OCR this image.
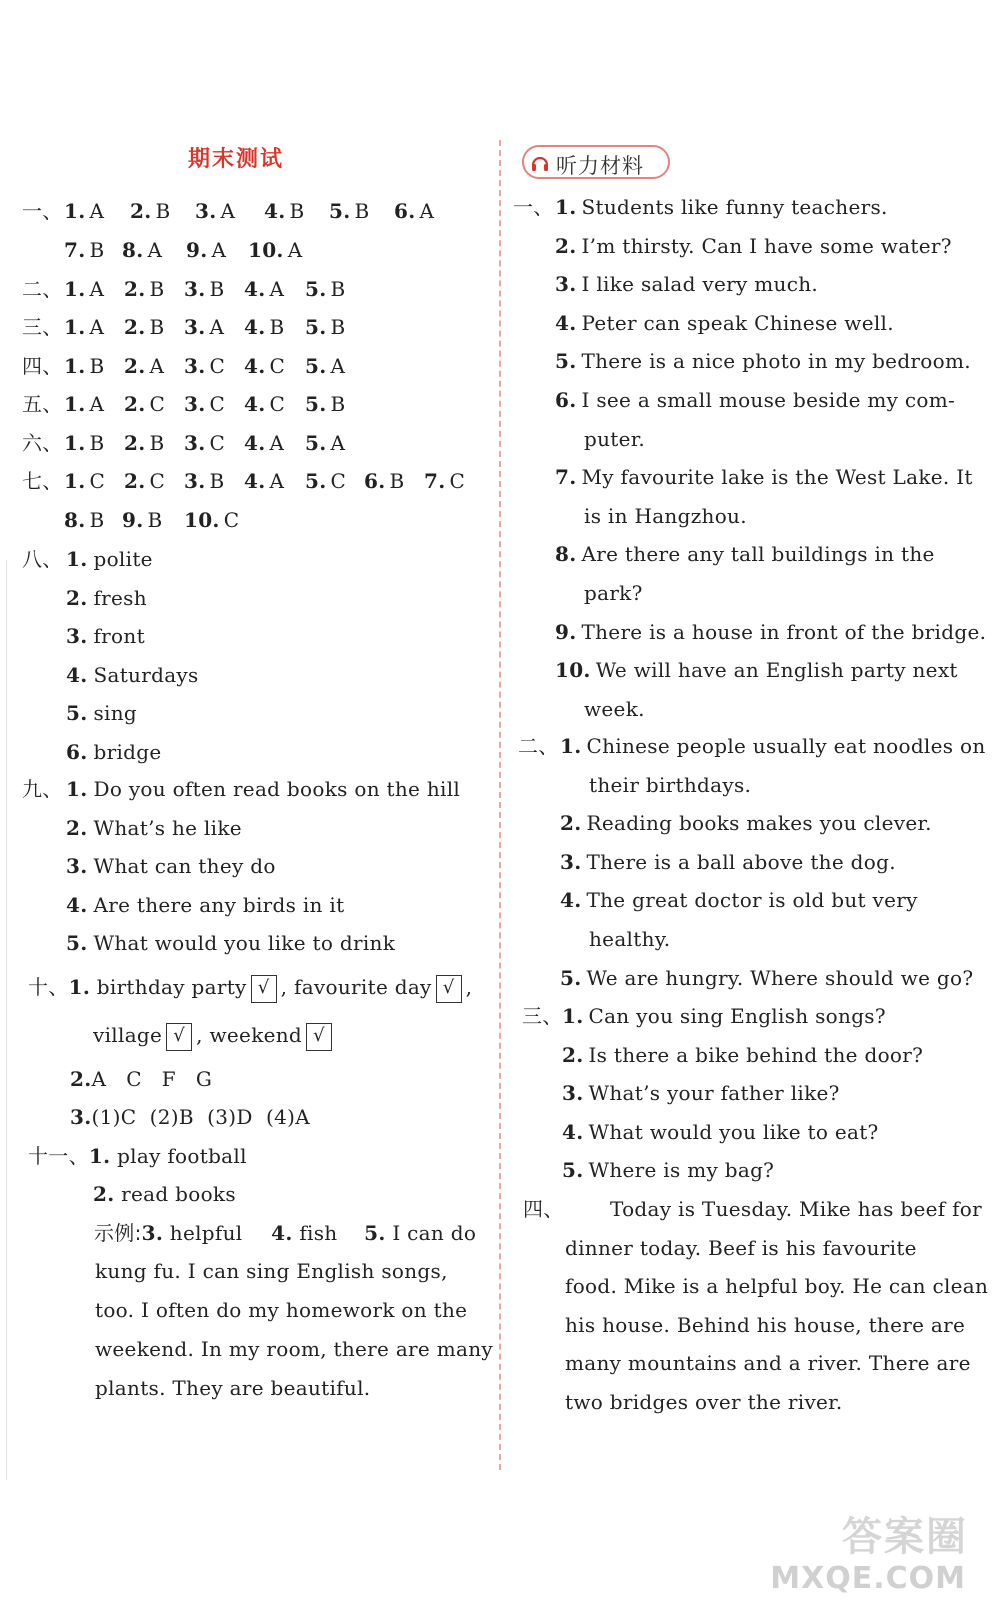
期末测试	听力材料
一、 1. A 2. B 3. A 4. B 5. B 6. A
7. B 8. A 9. A 10. A
二、 1. A 2. B 3. B 4. A 5. B
三、 1. A 2. B 3. A 4. B 5. B
四、 1. B 2. A 3. C 4. C 5. A
五、 1. A 2. C 3. C 4. C 5. B
六、 1. B 2. B 3. C 4. A 5. A
七、 1. C 2. C 3. B 4. A 5. C 6. B 7. C
8. B 9. B 10. C
八、 1. polite
2. fresh
3. front
4. Saturdays
5. sing
6. bridge
九、 1. Do you often read books on the hill
2. What’s he like
3. What can they do
4. Are there any birds in it
5. What would you like to drink
十、1. birthday party √ , favourite day √ ,
village √ , weekend √
2.A   C   F   G
3.(1)C  (2)B  (3)D  (4)A
十一、1. play football
2. read books
示例:3. helpful 4. fish 5. I can do
kung fu. I can sing English songs,
too. I often do my homework on the
weekend. In my room, there are many
plants. They are beautiful.
一、 1. Students like funny teachers.
2. I’m thirsty. Can I have some water?
3. I like salad very much.
4. Peter can speak Chinese well.
5. There is a nice photo in my bedroom.
6. I see a small mouse beside my com-
puter.
7. My favourite lake is the West Lake. It
is in Hangzhou.
8. Are there any tall buildings in the
park?
9. There is a house in front of the bridge.
10. We will have an English party next
week.
二、 1. Chinese people usually eat noodles on
their birthdays.
2. Reading books makes you clever.
3. There is a ball above the dog.
4. The great doctor is old but very
healthy.
5. We are hungry. Where should we go?
三、 1. Can you sing English songs?
2. Is there a bike behind the door?
3. What’s your father like?
4. What would you like to eat?
5. Where is my bag?
四、 Today is Tuesday. Mike has beef for
dinner today. Beef is his favourite
food. Mike is a helpful boy. He can clean
his house. Behind his house, there are
many mountains and a river. There are
two bridges over the river.
答案圈
MXQE.COM
